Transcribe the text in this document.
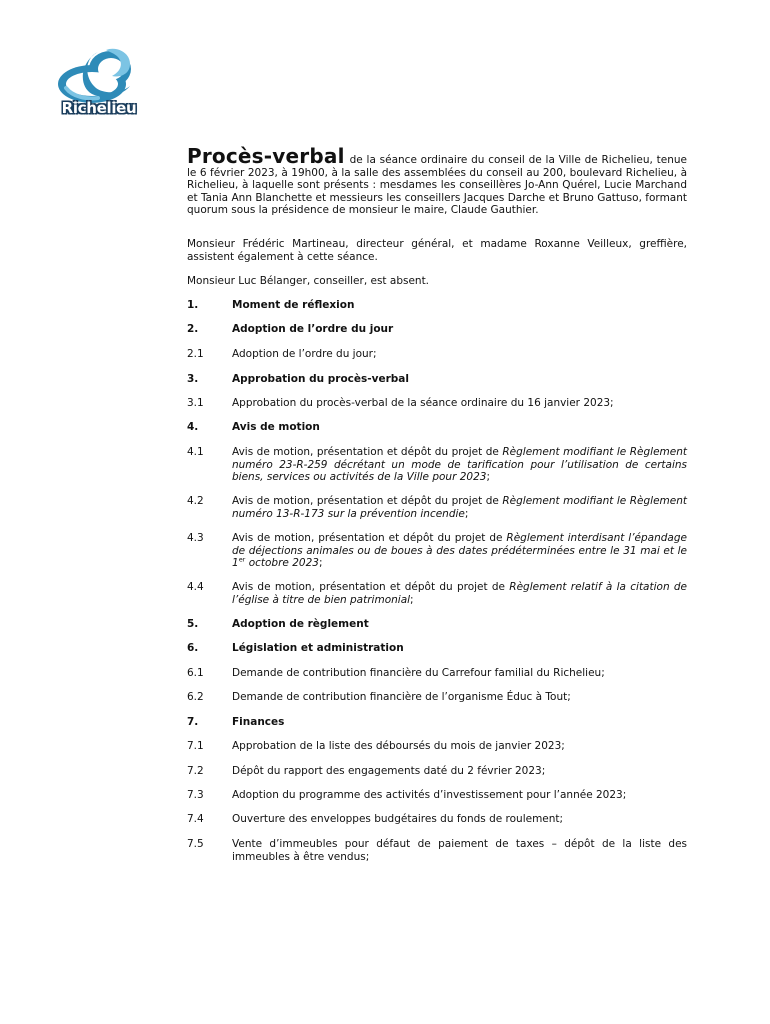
Richelieu
Procès-verbal de la séance ordinaire du conseil de la Ville de Richelieu, tenue le 6 février 2023, à 19h00, à la salle des assemblées du conseil au 200, boulevard Richelieu, à Richelieu, à laquelle sont présents : mesdames les conseillères Jo-Ann Quérel, Lucie Marchand et Tania Ann Blanchette et messieurs les conseillers Jacques Darche et Bruno Gattuso, formant quorum sous la présidence de monsieur le maire, Claude Gauthier.
Monsieur Frédéric Martineau, directeur général, et madame Roxanne Veilleux, greffière, assistent également à cette séance.
Monsieur Luc Bélanger, conseiller, est absent.
1.	Moment de réflexion
2.	Adoption de l’ordre du jour
2.1	Adoption de l’ordre du jour;
3.	Approbation du procès-verbal
3.1	Approbation du procès-verbal de la séance ordinaire du 16 janvier 2023;
4.	Avis de motion
4.1	Avis de motion, présentation et dépôt du projet de Règlement modifiant le Règlement numéro 23-R-259 décrétant un mode de tarification pour l’utilisation de certains biens, services ou activités de la Ville pour 2023;
4.2	Avis de motion, présentation et dépôt du projet de Règlement modifiant le Règlement numéro 13-R-173 sur la prévention incendie;
4.3	Avis de motion, présentation et dépôt du projet de Règlement interdisant l’épandage de déjections animales ou de boues à des dates prédéterminées entre le 31 mai et le 1er octobre 2023;
4.4	Avis de motion, présentation et dépôt du projet de Règlement relatif à la citation de l’église à titre de bien patrimonial;
5.	Adoption de règlement
6.	Législation et administration
6.1	Demande de contribution financière du Carrefour familial du Richelieu;
6.2	Demande de contribution financière de l’organisme Éduc à Tout;
7.	Finances
7.1	Approbation de la liste des déboursés du mois de janvier 2023;
7.2	Dépôt du rapport des engagements daté du 2 février 2023;
7.3	Adoption du programme des activités d’investissement pour l’année 2023;
7.4	Ouverture des enveloppes budgétaires du fonds de roulement;
7.5	Vente d’immeubles pour défaut de paiement de taxes – dépôt de la liste des immeubles à être vendus;
